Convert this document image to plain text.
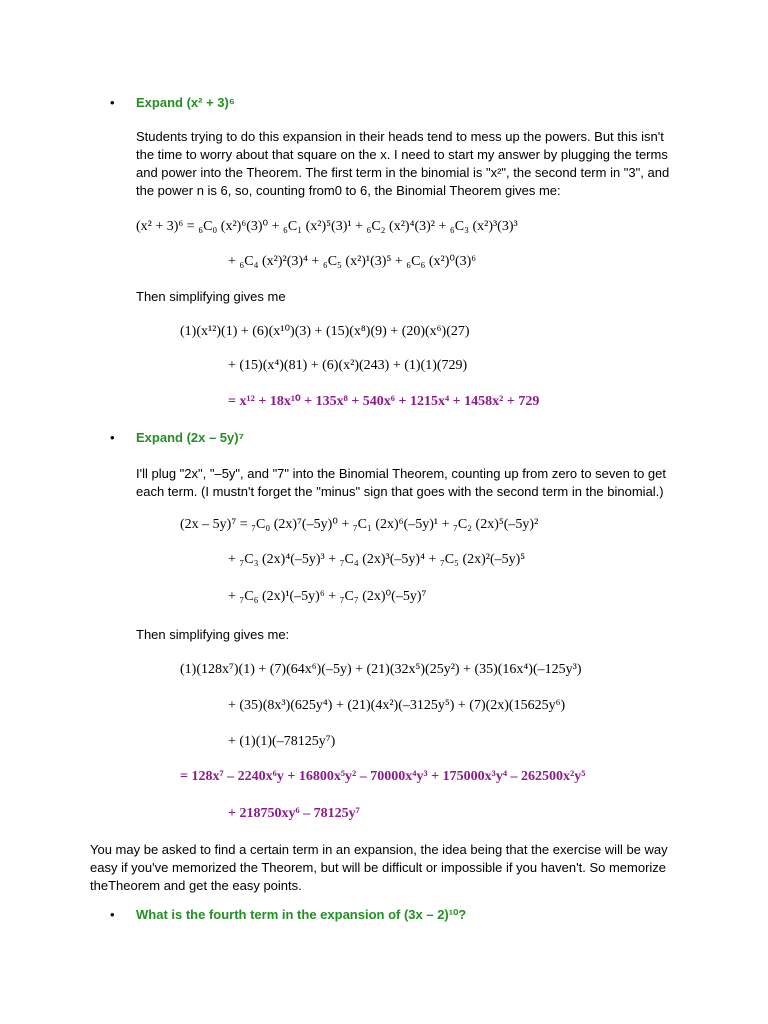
• Expand (x² + 3)⁶
Students trying to do this expansion in their heads tend to mess up the powers. But this isn't the time to worry about that square on the x. I need to start my answer by plugging the terms and power into the Theorem. The first term in the binomial is "x²", the second term in "3", and the power n is 6, so, counting from0 to 6, the Binomial Theorem gives me:
(x² + 3)⁶ = ₆C₀ (x²)⁶(3)⁰ + ₆C₁ (x²)⁵(3)¹ + ₆C₂ (x²)⁴(3)² + ₆C₃ (x²)³(3)³
+ ₆C₄ (x²)²(3)⁴ + ₆C₅ (x²)¹(3)⁵ + ₆C₆ (x²)⁰(3)⁶
Then simplifying gives me
(1)(x¹²)(1) + (6)(x¹⁰)(3) + (15)(x⁸)(9) + (20)(x⁶)(27)
+ (15)(x⁴)(81) + (6)(x²)(243) + (1)(1)(729)
= x¹² + 18x¹⁰ + 135x⁸ + 540x⁶ + 1215x⁴ + 1458x² + 729
• Expand (2x – 5y)⁷
I'll plug "2x", "–5y", and "7" into the Binomial Theorem, counting up from zero to seven to get each term. (I mustn't forget the "minus" sign that goes with the second term in the binomial.)
(2x – 5y)⁷ = ₇C₀ (2x)⁷(–5y)⁰ + ₇C₁ (2x)⁶(–5y)¹ + ₇C₂ (2x)⁵(–5y)²
+ ₇C₃ (2x)⁴(–5y)³ + ₇C₄ (2x)³(–5y)⁴ + ₇C₅ (2x)²(–5y)⁵
+ ₇C₆ (2x)¹(–5y)⁶ + ₇C₇ (2x)⁰(–5y)⁷
Then simplifying gives me:
(1)(128x⁷)(1) + (7)(64x⁶)(–5y) + (21)(32x⁵)(25y²) + (35)(16x⁴)(–125y³)
+ (35)(8x³)(625y⁴) + (21)(4x²)(–3125y⁵) + (7)(2x)(15625y⁶)
+ (1)(1)(–78125y⁷)
= 128x⁷ – 2240x⁶y + 16800x⁵y² – 70000x⁴y³ + 175000x³y⁴ – 262500x²y⁵
+ 218750xy⁶ – 78125y⁷
You may be asked to find a certain term in an expansion, the idea being that the exercise will be way easy if you've memorized the Theorem, but will be difficult or impossible if you haven't. So memorize theTheorem and get the easy points.
• What is the fourth term in the expansion of (3x – 2)¹⁰?
